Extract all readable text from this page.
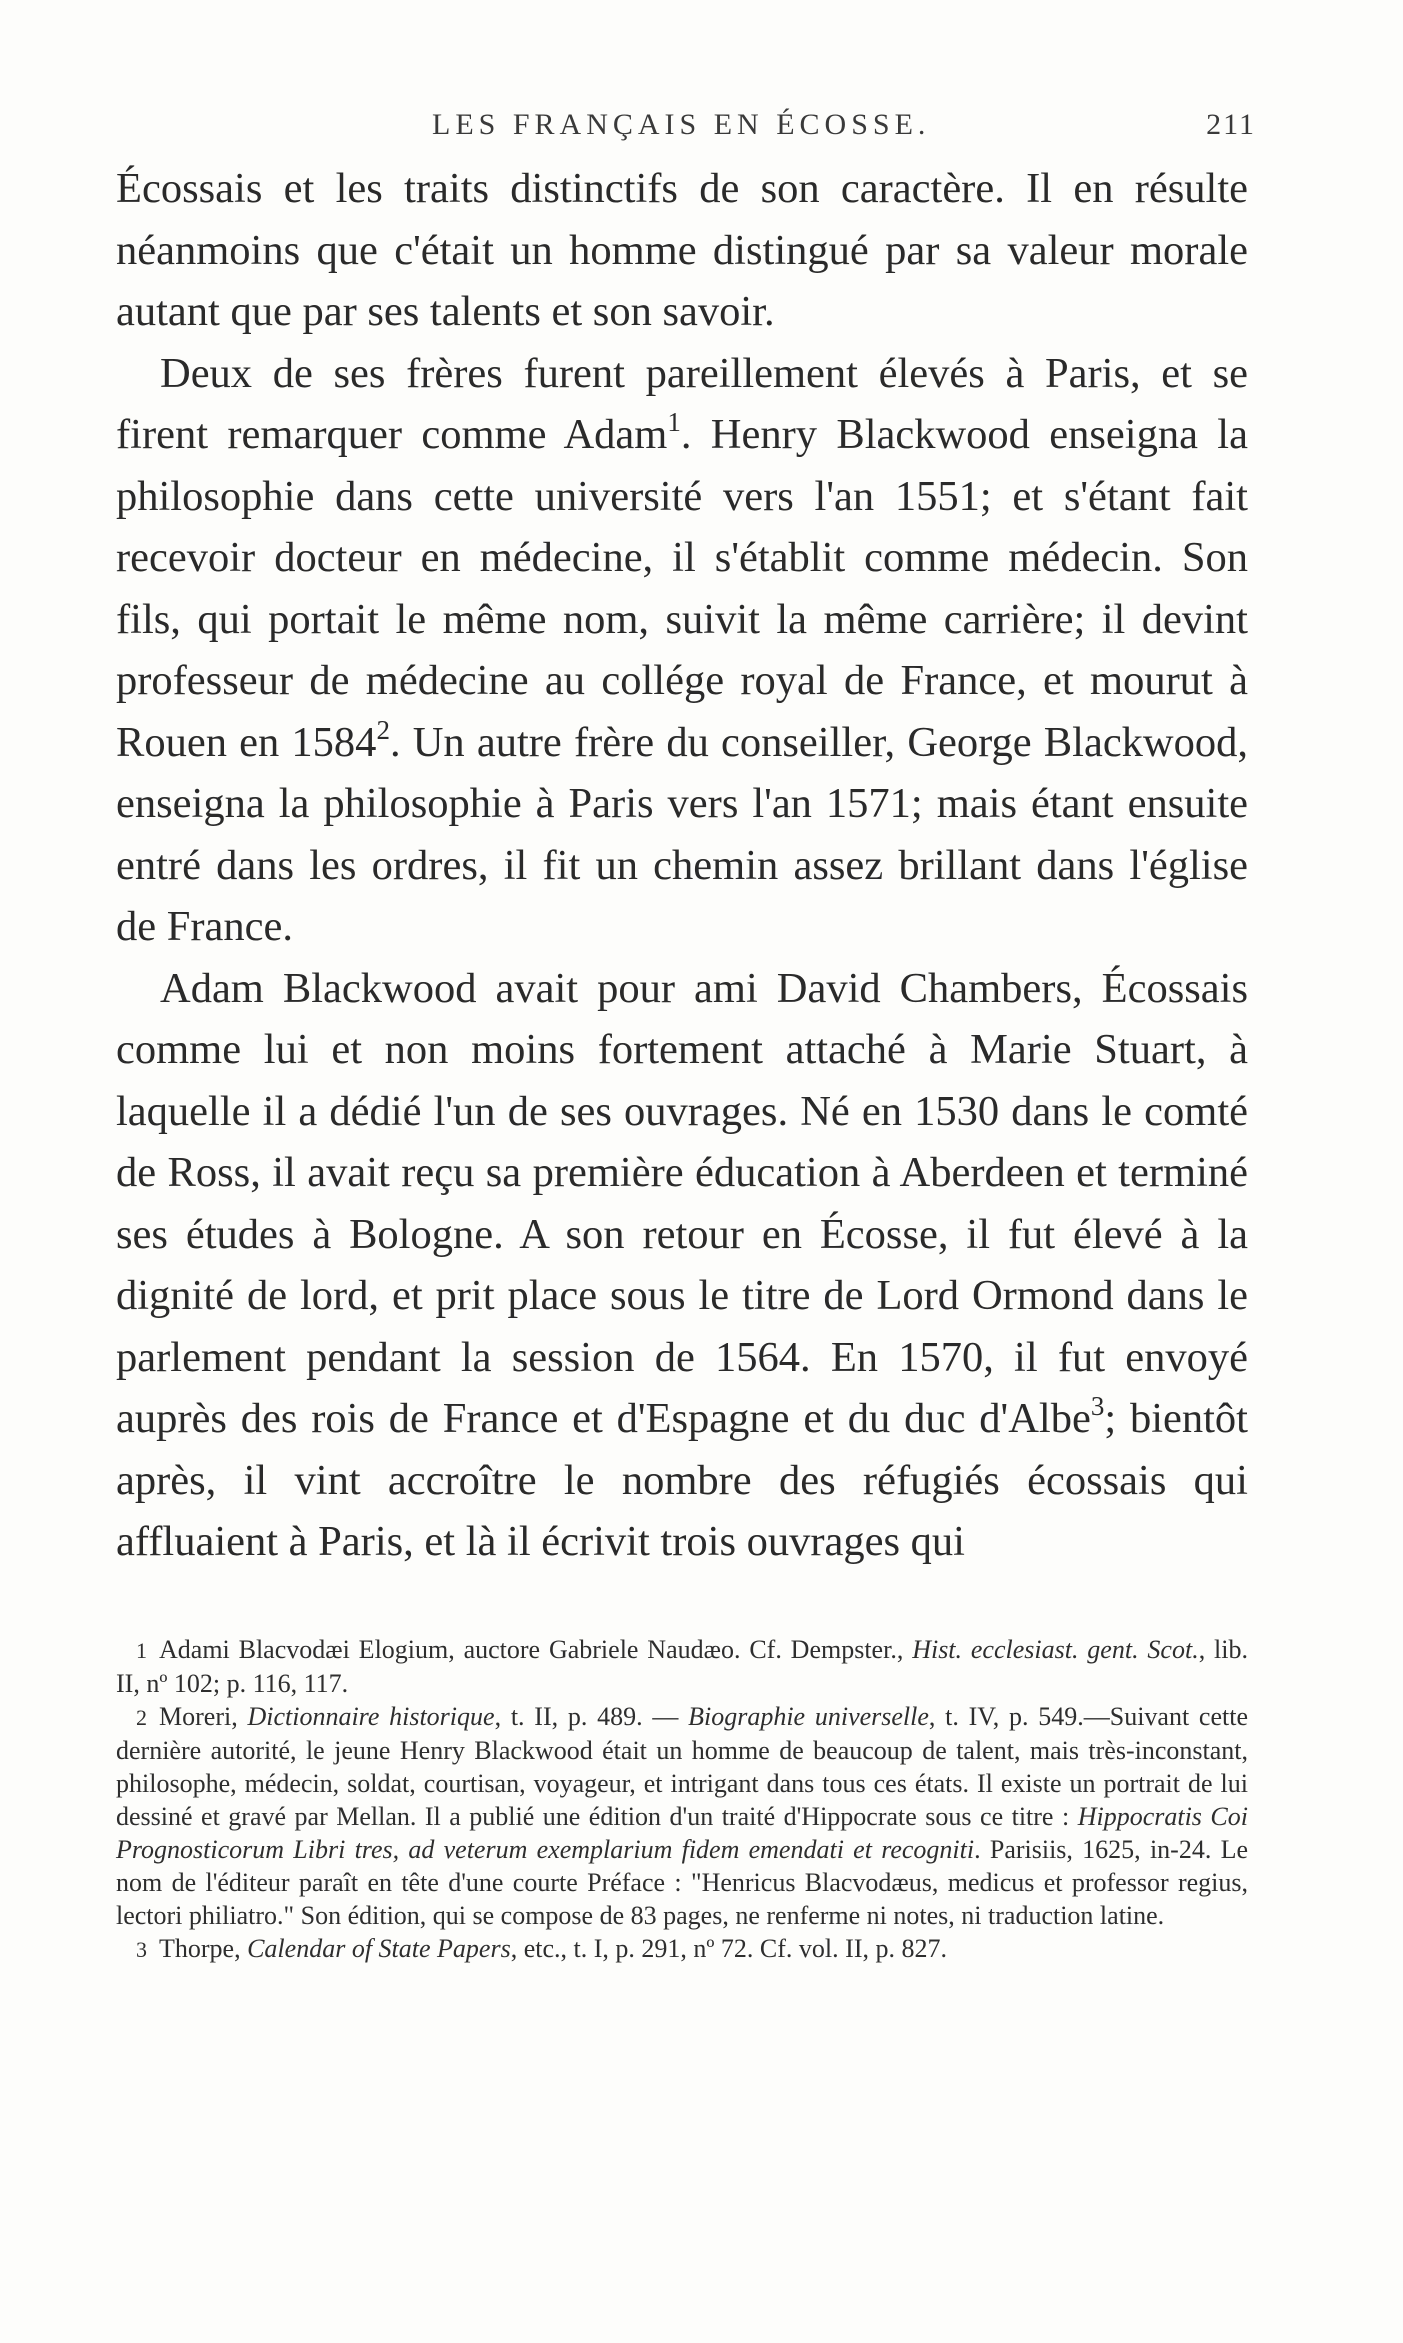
LES FRANÇAIS EN ÉCOSSE.	211

Écossais et les traits distinctifs de son caractère. Il en résulte néanmoins que c'était un homme distingué par sa valeur morale autant que par ses talents et son savoir.

Deux de ses frères furent pareillement élevés à Paris, et se firent remarquer comme Adam$^1$. Henry Blackwood enseigna la philosophie dans cette université vers l'an 1551; et s'étant fait recevoir docteur en médecine, il s'établit comme médecin. Son fils, qui portait le même nom, suivit la même carrière; il devint professeur de médecine au collége royal de France, et mourut à Rouen en 1584$^2$. Un autre frère du conseiller, George Blackwood, enseigna la philosophie à Paris vers l'an 1571; mais étant ensuite entré dans les ordres, il fit un chemin assez brillant dans l'église de France.

Adam Blackwood avait pour ami David Chambers, Écossais comme lui et non moins fortement attaché à Marie Stuart, à laquelle il a dédié l'un de ses ouvrages. Né en 1530 dans le comté de Ross, il avait reçu sa première éducation à Aberdeen et terminé ses études à Bologne. A son retour en Écosse, il fut élevé à la dignité de lord, et prit place sous le titre de Lord Ormond dans le parlement pendant la session de 1564. En 1570, il fut envoyé auprès des rois de France et d'Espagne et du duc d'Albe$^3$; bientôt après, il vint accroître le nombre des réfugiés écossais qui affluaient à Paris, et là il écrivit trois ouvrages qui

1 Adami Blacvodæi Elogium, auctore Gabriele Naudæo. Cf. Dempster., Hist. ecclesiast. gent. Scot., lib. II, nº 102; p. 116, 117.

2 Moreri, Dictionnaire historique, t. II, p. 489. — Biographie universelle, t. IV, p. 549.—Suivant cette dernière autorité, le jeune Henry Blackwood était un homme de beaucoup de talent, mais très-inconstant, philosophe, médecin, soldat, courtisan, voyageur, et intrigant dans tous ces états. Il existe un portrait de lui dessiné et gravé par Mellan. Il a publié une édition d'un traité d'Hippocrate sous ce titre : Hippocratis Coi Prognosticorum Libri tres, ad veterum exemplarium fidem emendati et recogniti. Parisiis, 1625, in-24. Le nom de l'éditeur paraît en tête d'une courte Préface : "Henricus Blacvodæus, medicus et professor regius, lectori philiatro." Son édition, qui se compose de 83 pages, ne renferme ni notes, ni traduction latine.

3 Thorpe, Calendar of State Papers, etc., t. I, p. 291, nº 72. Cf. vol. II, p. 827.
